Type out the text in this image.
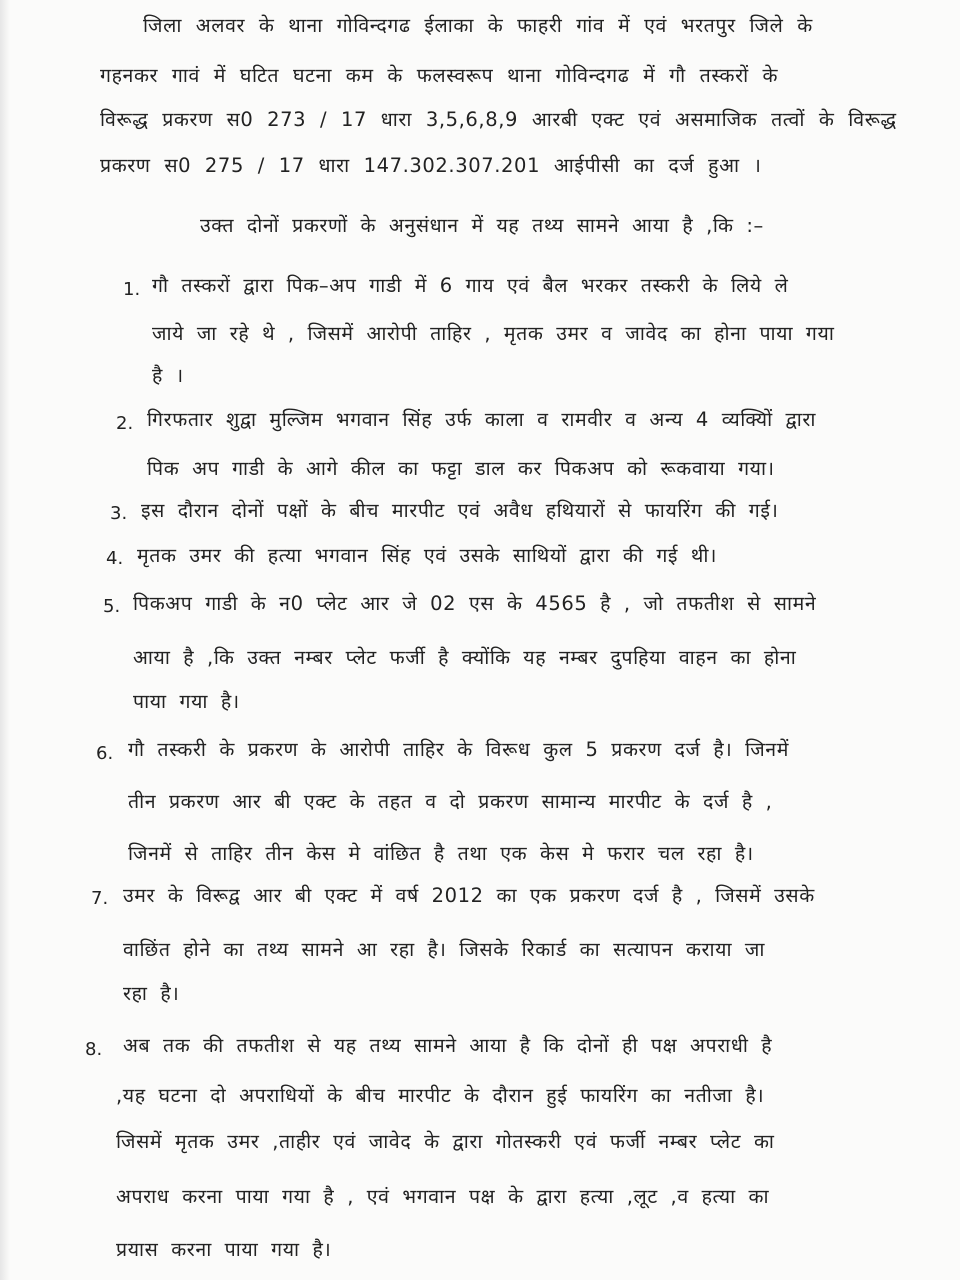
जिला अलवर के थाना गोविन्दगढ ईलाका के फाहरी गांव में एवं भरतपुर जिले के
गहनकर गावं में घटित घटना कम के फलस्वरूप थाना गोविन्दगढ में गौ तस्करों के
विरूद्ध प्रकरण स0 273 / 17 धारा 3,5,6,8,9 आरबी एक्ट एवं असमाजिक तत्वों के विरूद्ध
प्रकरण स0 275 / 17 धारा 147.302.307.201 आईपीसी का दर्ज हुआ ।
उक्त दोनों प्रकरणों के अनुसंधान में यह तथ्य सामने आया है ,कि :–
1. गौ तस्करों द्वारा पिक–अप गाडी में 6 गाय एवं बैल भरकर तस्करी के लिये ले
जाये जा रहे थे , जिसमें आरोपी ताहिर , मृतक उमर व जावेद का होना पाया गया
है ।
2. गिरफतार शुद्वा मुल्जिम भगवान सिंह उर्फ काला व रामवीर व अन्य 4 व्यक्यिों द्वारा
पिक अप गाडी के आगे कील का फट्टा डाल कर पिकअप को रूकवाया गया।
3. इस दौरान दोनों पक्षों के बीच मारपीट एवं अवैध हथियारों से फायरिंग की गई।
4. मृतक उमर की हत्या भगवान सिंह एवं उसके साथियों द्वारा की गई थी।
5. पिकअप गाडी के न0 प्लेट आर जे 02 एस के 4565 है , जो तफतीश से सामने
आया है ,कि उक्त नम्बर प्लेट फर्जी है क्योंकि यह नम्बर दुपहिया वाहन का होना
पाया गया है।
6. गौ तस्करी के प्रकरण के आरोपी ताहिर के विरूध कुल 5 प्रकरण दर्ज है। जिनमें
तीन प्रकरण आर बी एक्ट के तहत व दो प्रकरण सामान्य मारपीट के दर्ज है ,
जिनमें से ताहिर तीन केस मे वांछित है तथा एक केस मे फरार चल रहा है।
7. उमर के विरूद्व आर बी एक्ट में वर्ष 2012 का एक प्रकरण दर्ज है , जिसमें उसके
वाछिंत होने का तथ्य सामने आ रहा है। जिसके रिकार्ड का सत्यापन कराया जा
रहा है।
8. अब तक की तफतीश से यह तथ्य सामने आया है कि दोनों ही पक्ष अपराधी है
,यह घटना दो अपराधियों के बीच मारपीट के दौरान हुई फायरिंग का नतीजा है।
जिसमें मृतक उमर ,ताहीर एवं जावेद के द्वारा गोतस्करी एवं फर्जी नम्बर प्लेट का
अपराध करना पाया गया है , एवं भगवान पक्ष के द्वारा हत्या ,लूट ,व हत्या का
प्रयास करना पाया गया है।
